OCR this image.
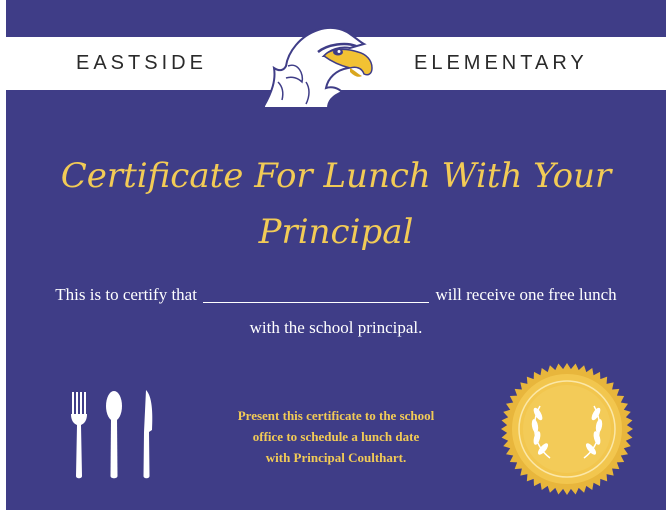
EASTSIDE	ELEMENTARY
Certificate For Lunch With Your
Principal
This is to certify that	will receive one free lunch
with the school principal.
Present this certificate to the school
office to schedule a lunch date
with Principal Coulthart.
